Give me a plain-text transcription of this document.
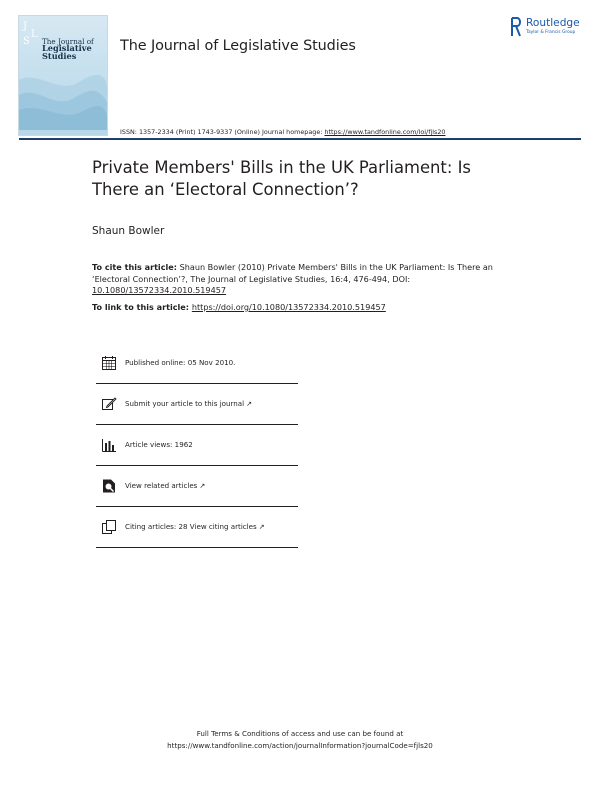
J
L
S The Journal of
Legislative
Studies
The Journal of Legislative Studies
Routledge
Taylor & Francis Group
ISSN: 1357-2334 (Print) 1743-9337 (Online) Journal homepage: https://www.tandfonline.com/loi/fjls20
Private Members' Bills in the UK Parliament: Is There an ‘Electoral Connection’?
Shaun Bowler
To cite this article: Shaun Bowler (2010) Private Members' Bills in the UK Parliament: Is There an ‘Electoral Connection’?, The Journal of Legislative Studies, 16:4, 476-494, DOI: 10.1080/13572334.2010.519457
To link to this article: https://doi.org/10.1080/13572334.2010.519457
Published online: 05 Nov 2010.
Submit your article to this journal ↗
Article views: 1962
View related articles ↗
Citing articles: 28 View citing articles ↗
Full Terms & Conditions of access and use can be found at
https://www.tandfonline.com/action/journalInformation?journalCode=fjls20
